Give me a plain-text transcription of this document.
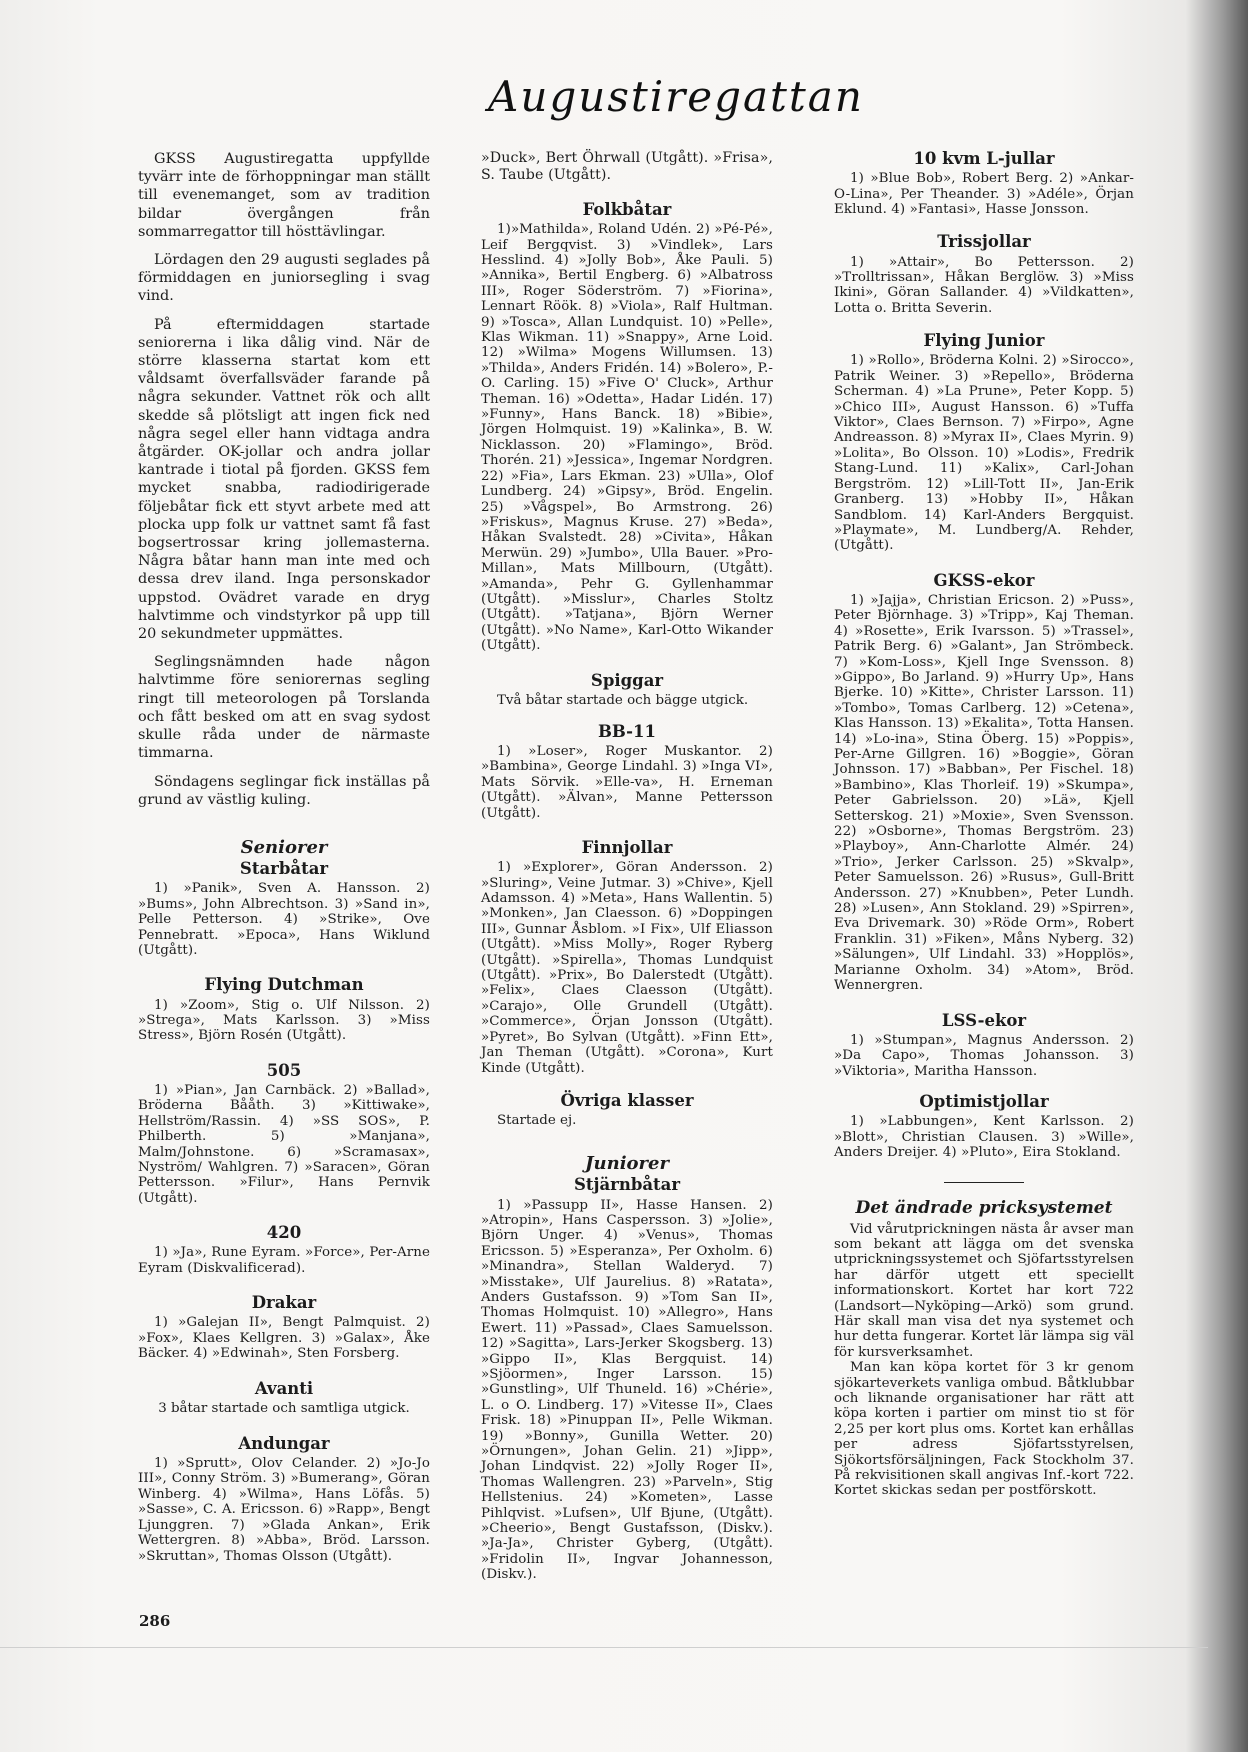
Augustiregattan

GKSS Augustiregatta uppfyllde tyvärr inte de förhoppningar man ställt till evenemanget, som av tradition bildar övergången från sommarregattor till hösttävlingar.

Lördagen den 29 augusti seglades på förmiddagen en juniorsegling i svag vind.

På eftermiddagen startade seniorerna i lika dålig vind. När de större klasserna startat kom ett våldsamt överfallsväder farande på några sekunder. Vattnet rök och allt skedde så plötsligt att ingen fick ned några segel eller hann vidtaga andra åtgärder. OK-jollar och andra jollar kantrade i tiotal på fjorden. GKSS fem mycket snabba, radiodirigerade följebåtar fick ett styvt arbete med att plocka upp folk ur vattnet samt få fast bogsertrossar kring jollemasterna. Några båtar hann man inte med och dessa drev iland. Inga personskador uppstod. Ovädret varade en dryg halvtimme och vindstyrkor på upp till 20 sekundmeter uppmättes.

Seglingsnämnden hade någon halvtimme före seniorernas segling ringt till meteorologen på Torslanda och fått besked om att en svag sydost skulle råda under de närmaste timmarna.

Söndagens seglingar fick inställas på grund av västlig kuling.

Seniorer
Starbåtar

1) »Panik», Sven A. Hansson. 2) »Bums», John Albrechtson. 3) »Sand in», Pelle Petterson. 4) »Strike», Ove Pennebratt. »Epoca», Hans Wiklund (Utgått).

Flying Dutchman

1) »Zoom», Stig o. Ulf Nilsson. 2) »Strega», Mats Karlsson. 3) »Miss Stress», Björn Rosén (Utgått).

505

1) »Pian», Jan Carnbäck. 2) »Ballad», Bröderna Bååth. 3) »Kittiwake», Hellström/Rassin. 4) »SS SOS», P. Philberth. 5) »Manjana», Malm/Johnstone. 6) »Scramasax», Nyström/ Wahlgren. 7) »Saracen», Göran Pettersson. »Filur», Hans Pernvik (Utgått).

420

1) »Ja», Rune Eyram. »Force», Per-Arne Eyram (Diskvalificerad).

Drakar

1) »Galejan II», Bengt Palmquist. 2) »Fox», Klaes Kellgren. 3) »Galax», Åke Bäcker. 4) »Edwinah», Sten Forsberg.

Avanti

3 båtar startade och samtliga utgick.

Andungar

1) »Sprutt», Olov Celander. 2) »Jo-Jo III», Conny Ström. 3) »Bumerang», Göran Winberg. 4) »Wilma», Hans Löfås. 5) »Sasse», C. A. Ericsson. 6) »Rapp», Bengt Ljunggren. 7) »Glada Ankan», Erik Wettergren. 8) »Abba», Bröd. Larsson. »Skruttan», Thomas Olsson (Utgått).

»Duck», Bert Öhrwall (Utgått). »Frisa», S. Taube (Utgått).

Folkbåtar

1)»Mathilda», Roland Udén. 2) »Pé-Pé», Leif Bergqvist. 3) »Vindlek», Lars Hesslind. 4) »Jolly Bob», Åke Pauli. 5) »Annika», Bertil Engberg. 6) »Albatross III», Roger Söderström. 7) »Fiorina», Lennart Röök. 8) »Viola», Ralf Hultman. 9) »Tosca», Allan Lundquist. 10) »Pelle», Klas Wikman. 11) »Snappy», Arne Loid. 12) »Wilma» Mogens Willumsen. 13) »Thilda», Anders Fridén. 14) »Bolero», P.-O. Carling. 15) »Five O' Cluck», Arthur Theman. 16) »Odetta», Hadar Lidén. 17) »Funny», Hans Banck. 18) »Bibie», Jörgen Holmquist. 19) »Kalinka», B. W. Nicklasson. 20) »Flamingo», Bröd. Thorén. 21) »Jessica», Ingemar Nordgren. 22) »Fia», Lars Ekman. 23) »Ulla», Olof Lundberg. 24) »Gipsy», Bröd. Engelin. 25) »Vågspel», Bo Armstrong. 26) »Friskus», Magnus Kruse. 27) »Beda», Håkan Svalstedt. 28) »Civita», Håkan Merwün. 29) »Jumbo», Ulla Bauer. »Pro-Millan», Mats Millbourn, (Utgått). »Amanda», Pehr G. Gyllenhammar (Utgått). »Misslur», Charles Stoltz (Utgått). »Tatjana», Björn Werner (Utgått). »No Name», Karl-Otto Wikander (Utgått).

Spiggar

Två båtar startade och bägge utgick.

BB-11

1) »Loser», Roger Muskantor. 2) »Bambina», George Lindahl. 3) »Inga VI», Mats Sörvik. »Elle-va», H. Erneman (Utgått). »Älvan», Manne Pettersson (Utgått).

Finnjollar

1) »Explorer», Göran Andersson. 2) »Sluring», Veine Jutmar. 3) »Chive», Kjell Adamsson. 4) »Meta», Hans Wallentin. 5) »Monken», Jan Claesson. 6) »Doppingen III», Gunnar Åsblom. »I Fix», Ulf Eliasson (Utgått). »Miss Molly», Roger Ryberg (Utgått). »Spirella», Thomas Lundquist (Utgått). »Prix», Bo Dalerstedt (Utgått). »Felix», Claes Claesson (Utgått). »Carajo», Olle Grundell (Utgått). »Commerce», Örjan Jonsson (Utgått). »Pyret», Bo Sylvan (Utgått). »Finn Ett», Jan Theman (Utgått). »Corona», Kurt Kinde (Utgått).

Övriga klasser

Startade ej.

Juniorer
Stjärnbåtar

1) »Passupp II», Hasse Hansen. 2) »Atropin», Hans Caspersson. 3) »Jolie», Björn Unger. 4) »Venus», Thomas Ericsson. 5) »Esperanza», Per Oxholm. 6) »Minandra», Stellan Walderyd. 7) »Misstake», Ulf Jaurelius. 8) »Ratata», Anders Gustafsson. 9) »Tom San II», Thomas Holmquist. 10) »Allegro», Hans Ewert. 11) »Passad», Claes Samuelsson. 12) »Sagitta», Lars-Jerker Skogsberg. 13) »Gippo II», Klas Bergquist. 14) »Sjöormen», Inger Larsson. 15) »Gunstling», Ulf Thuneld. 16) »Chérie», L. o O. Lindberg. 17) »Vitesse II», Claes Frisk. 18) »Pinuppan II», Pelle Wikman. 19) »Bonny», Gunilla Wetter. 20) »Örnungen», Johan Gelin. 21) »Jipp», Johan Lindqvist. 22) »Jolly Roger II», Thomas Wallengren. 23) »Parveln», Stig Hellstenius. 24) »Kometen», Lasse Pihlqvist. »Lufsen», Ulf Bjune, (Utgått). »Cheerio», Bengt Gustafsson, (Diskv.). »Ja-Ja», Christer Gyberg, (Utgått). »Fridolin II», Ingvar Johannesson, (Diskv.).

10 kvm L-jullar

1) »Blue Bob», Robert Berg. 2) »Ankar-O-Lina», Per Theander. 3) »Adéle», Örjan Eklund. 4) »Fantasi», Hasse Jonsson.

Trissjollar

1) »Attair», Bo Pettersson. 2) »Trolltrissan», Håkan Berglöw. 3) »Miss Ikini», Göran Sallander. 4) »Vildkatten», Lotta o. Britta Severin.

Flying Junior

1) »Rollo», Bröderna Kolni. 2) »Sirocco», Patrik Weiner. 3) »Repello», Bröderna Scherman. 4) »La Prune», Peter Kopp. 5) »Chico III», August Hansson. 6) »Tuffa Viktor», Claes Bernson. 7) »Firpo», Agne Andreasson. 8) »Myrax II», Claes Myrin. 9) »Lolita», Bo Olsson. 10) »Lodis», Fredrik Stang-Lund. 11) »Kalix», Carl-Johan Bergström. 12) »Lill-Tott II», Jan-Erik Granberg. 13) »Hobby II», Håkan Sandblom. 14) Karl-Anders Bergquist. »Playmate», M. Lundberg/A. Rehder, (Utgått).

GKSS-ekor

1) »Jajja», Christian Ericson. 2) »Puss», Peter Björnhage. 3) »Tripp», Kaj Theman. 4) »Rosette», Erik Ivarsson. 5) »Trassel», Patrik Berg. 6) »Galant», Jan Strömbeck. 7) »Kom-Loss», Kjell Inge Svensson. 8) »Gippo», Bo Jarland. 9) »Hurry Up», Hans Bjerke. 10) »Kitte», Christer Larsson. 11) »Tombo», Tomas Carlberg. 12) »Cetena», Klas Hansson. 13) »Ekalita», Totta Hansen. 14) »Lo-ina», Stina Öberg. 15) »Poppis», Per-Arne Gillgren. 16) »Boggie», Göran Johnsson. 17) »Babban», Per Fischel. 18) »Bambino», Klas Thorleif. 19) »Skumpa», Peter Gabrielsson. 20) »Lä», Kjell Setterskog. 21) »Moxie», Sven Svensson. 22) »Osborne», Thomas Bergström. 23) »Playboy», Ann-Charlotte Almér. 24) »Trio», Jerker Carlsson. 25) »Skvalp», Peter Samuelsson. 26) »Rusus», Gull-Britt Andersson. 27) »Knubben», Peter Lundh. 28) »Lusen», Ann Stokland. 29) »Spirren», Eva Drivemark. 30) »Röde Orm», Robert Franklin. 31) »Fiken», Måns Nyberg. 32) »Sälungen», Ulf Lindahl. 33) »Hopplös», Marianne Oxholm. 34) »Atom», Bröd. Wennergren.

LSS-ekor

1) »Stumpan», Magnus Andersson. 2) »Da Capo», Thomas Johansson. 3) »Viktoria», Maritha Hansson.

Optimistjollar

1) »Labbungen», Kent Karlsson. 2) »Blott», Christian Clausen. 3) »Wille», Anders Dreijer. 4) »Pluto», Eira Stokland.

Det ändrade pricksystemet

Vid vårutprickningen nästa år avser man som bekant att lägga om det svenska utprickningssystemet och Sjöfartsstyrelsen har därför utgett ett speciellt informationskort. Kortet har kort 722 (Landsort—Nyköping—Arkö) som grund. Här skall man visa det nya systemet och hur detta fungerar. Kortet lär lämpa sig väl för kursverksamhet.

Man kan köpa kortet för 3 kr genom sjökarteverkets vanliga ombud. Båtklubbar och liknande organisationer har rätt att köpa korten i partier om minst tio st för 2,25 per kort plus oms. Kortet kan erhållas per adress Sjöfartsstyrelsen, Sjökortsförsäljningen, Fack Stockholm 37. På rekvisitionen skall angivas Inf.-kort 722. Kortet skickas sedan per postförskott.

286
